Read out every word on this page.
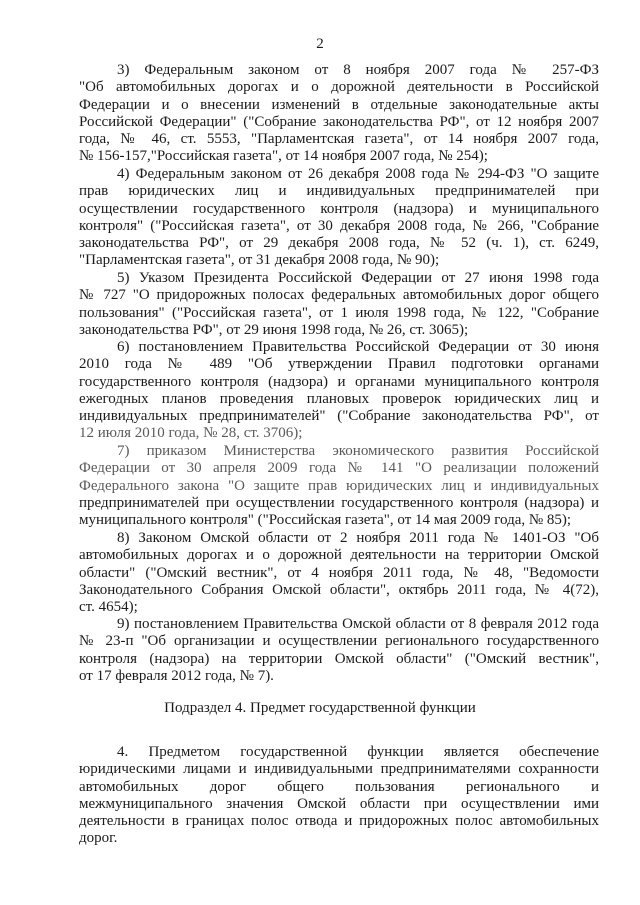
2
3) Федеральным законом от 8 ноября 2007 года № 257-ФЗ
"Об автомобильных дорогах и о дорожной деятельности в Российской
Федерации и о внесении изменений в отдельные законодательные акты
Российской Федерации" ("Собрание законодательства РФ", от 12 ноября 2007
года, № 46, ст. 5553, "Парламентская газета", от 14 ноября 2007 года,
№ 156-157,"Российская газета", от 14 ноября 2007 года, № 254);
4) Федеральным законом от 26 декабря 2008 года № 294-ФЗ "О защите
прав юридических лиц и индивидуальных предпринимателей при
осуществлении государственного контроля (надзора) и муниципального
контроля" ("Российская газета", от 30 декабря 2008 года, № 266, "Собрание
законодательства РФ", от 29 декабря 2008 года, № 52 (ч. 1), ст. 6249,
"Парламентская газета", от 31 декабря 2008 года, № 90);
5) Указом Президента Российской Федерации от 27 июня 1998 года
№ 727 "О придорожных полосах федеральных автомобильных дорог общего
пользования" ("Российская газета", от 1 июля 1998 года, № 122, "Собрание
законодательства РФ", от 29 июня 1998 года, № 26, ст. 3065);
6) постановлением Правительства Российской Федерации от 30 июня
2010 года № 489 "Об утверждении Правил подготовки органами
государственного контроля (надзора) и органами муниципального контроля
ежегодных планов проведения плановых проверок юридических лиц и
индивидуальных предпринимателей" ("Собрание законодательства РФ", от
12 июля 2010 года, № 28, ст. 3706);
7) приказом Министерства экономического развития Российской
Федерации от 30 апреля 2009 года № 141 "О реализации положений
Федерального закона "О защите прав юридических лиц и индивидуальных
предпринимателей при осуществлении государственного контроля (надзора) и
муниципального контроля" ("Российская газета", от 14 мая 2009 года, № 85);
8) Законом Омской области от 2 ноября 2011 года № 1401-ОЗ "Об
автомобильных дорогах и о дорожной деятельности на территории Омской
области" ("Омский вестник", от 4 ноября 2011 года, № 48, "Ведомости
Законодательного Собрания Омской области", октябрь 2011 года, № 4(72),
ст. 4654);
9) постановлением Правительства Омской области от 8 февраля 2012 года
№ 23-п "Об организации и осуществлении регионального государственного
контроля (надзора) на территории Омской области" ("Омский вестник",
от 17 февраля 2012 года, № 7).
Подраздел 4. Предмет государственной функции
4. Предметом государственной функции является обеспечение
юридическими лицами и индивидуальными предпринимателями сохранности
автомобильных дорог общего пользования регионального и
межмуниципального значения Омской области при осуществлении ими
деятельности в границах полос отвода и придорожных полос автомобильных
дорог.
